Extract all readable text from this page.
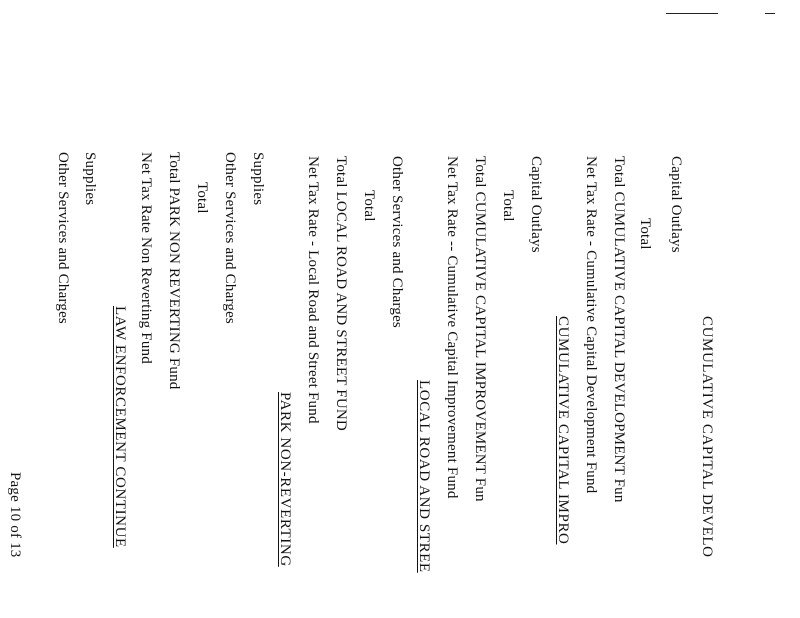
CUMULATIVE CAPITAL DEVELO
Capital Outlays
Total
Total CUMULATIVE CAPITAL DEVELOPMENT Fun
Net Tax Rate - Cumulative Capital Development Fund
CUMULATIVE CAPITAL IMPRO
Capital Outlays
Total
Total CUMULATIVE CAPITAL IMPROVEMENT Fun
Net Tax Rate -- Cumulative Capital Improvement Fund
LOCAL ROAD AND STREE
Other Services and Charges
Total
Total LOCAL ROAD AND STREET FUND
Net Tax Rate - Local Road and Street Fund
PARK NON-REVERTING
Supplies
Other Services and Charges
Total
Total PARK NON REVERTING Fund
Net Tax Rate Non Reverting Fund
LAW ENFORCEMENT CONTINUE
Supplies
Other Services and Charges
Page 10 of 13
